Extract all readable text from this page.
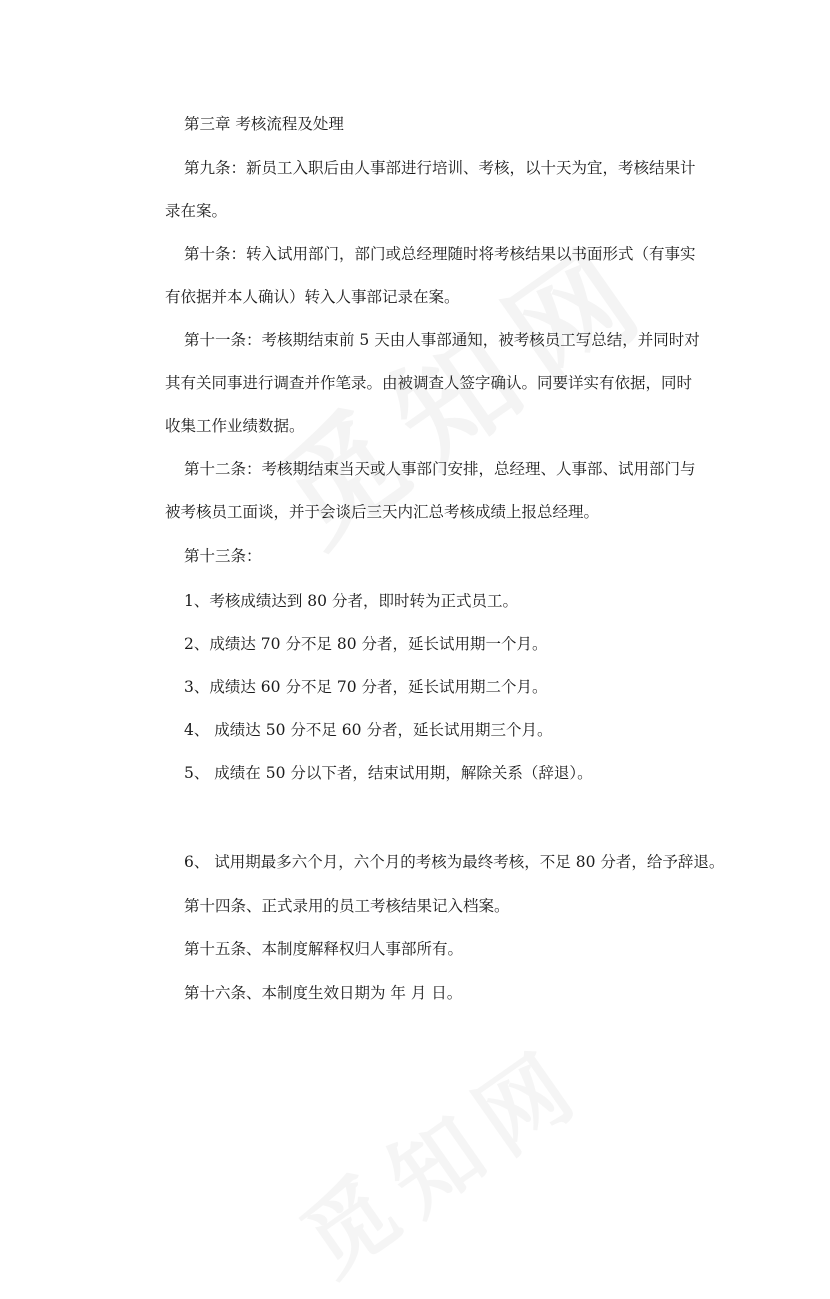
第三章 考核流程及处理
第九条：新员工入职后由人事部进行培训、考核，以十天为宜，考核结果计
录在案。
第十条：转入试用部门，部门或总经理随时将考核结果以书面形式（有事实
有依据并本人确认）转入人事部记录在案。
第十一条：考核期结束前 5 天由人事部通知，被考核员工写总结，并同时对
其有关同事进行调查并作笔录。由被调查人签字确认。同要详实有依据，同时
收集工作业绩数据。
第十二条：考核期结束当天或人事部门安排，总经理、人事部、试用部门与
被考核员工面谈，并于会谈后三天内汇总考核成绩上报总经理。
第十三条：
1、考核成绩达到 80 分者，即时转为正式员工。
2、成绩达 70 分不足 80 分者，延长试用期一个月。
3、成绩达 60 分不足 70 分者，延长试用期二个月。
4、 成绩达 50 分不足 60 分者，延长试用期三个月。
5、 成绩在 50 分以下者，结束试用期，解除关系（辞退）。
6、 试用期最多六个月，六个月的考核为最终考核，不足 80 分者，给予辞退。
第十四条、正式录用的员工考核结果记入档案。
第十五条、本制度解释权归人事部所有。
第十六条、本制度生效日期为 年 月 日。
